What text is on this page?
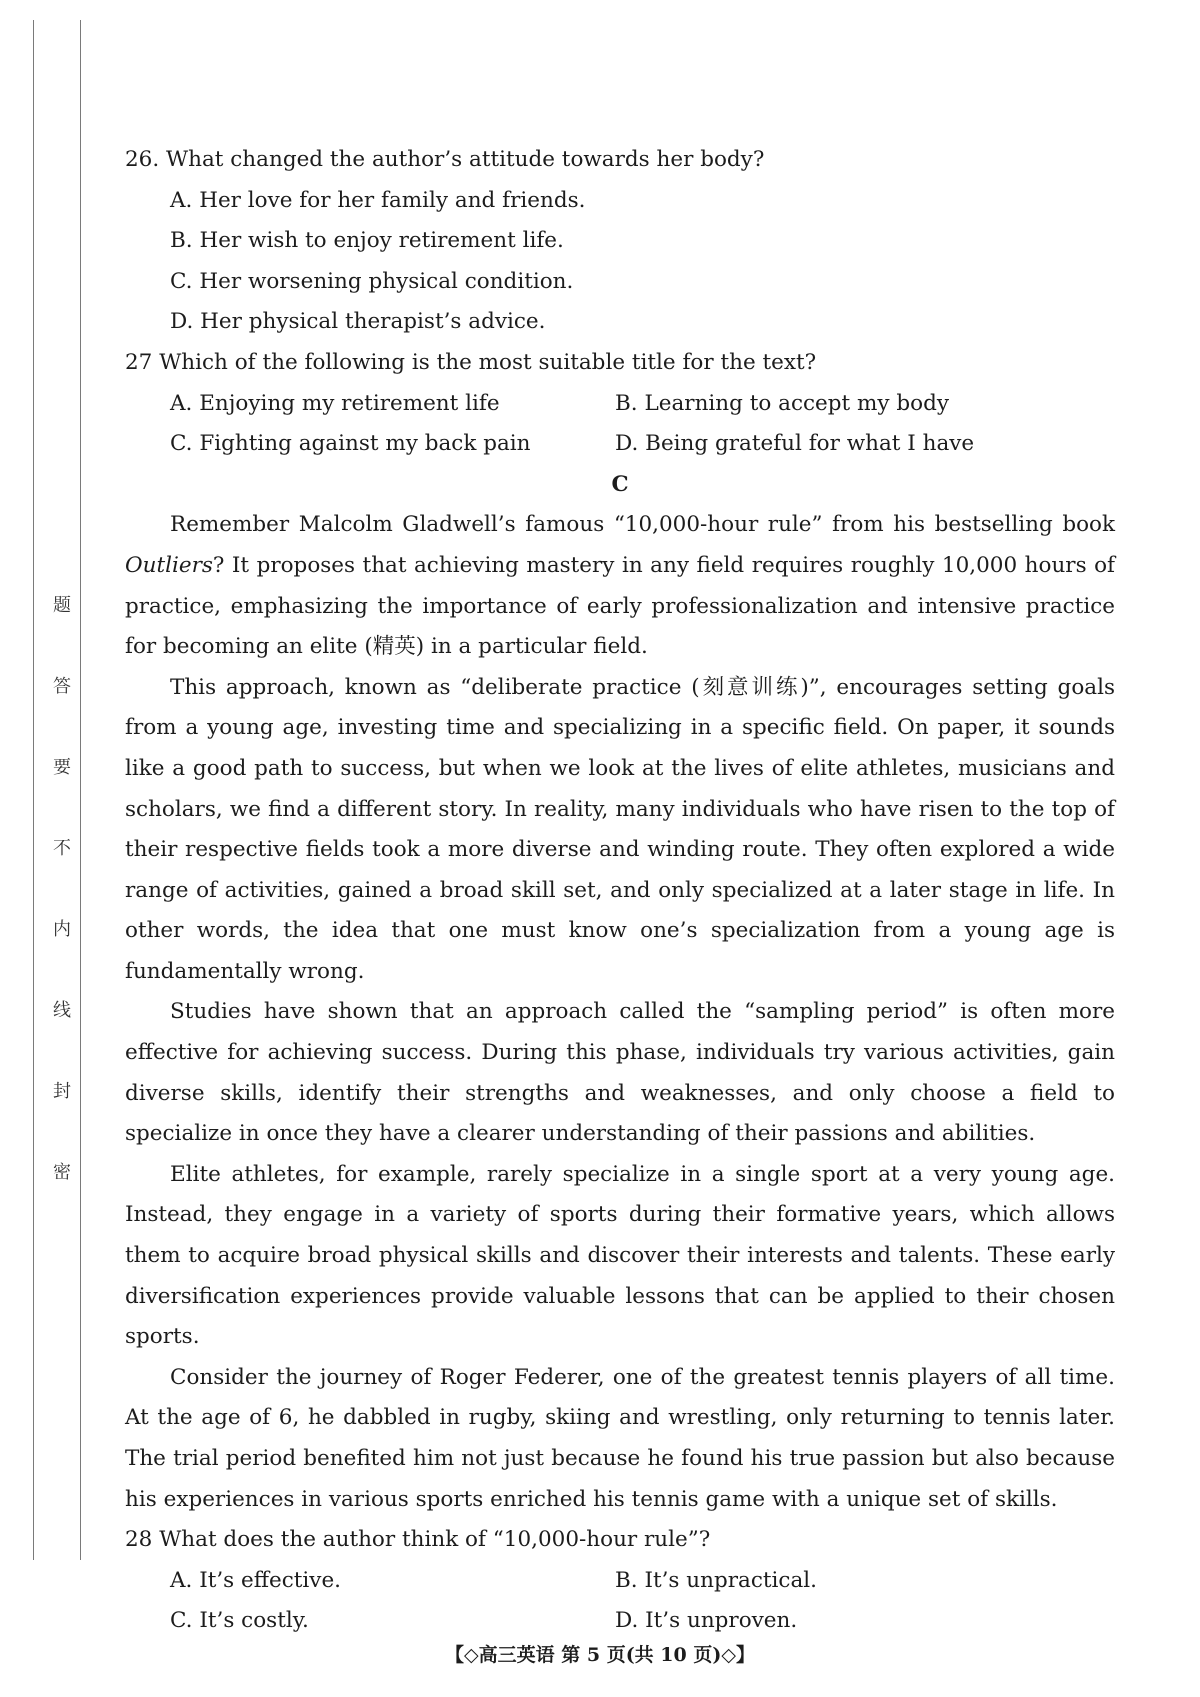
题
答
要
不
内
线
封
密

26. What changed the author’s attitude towards her body?

A. Her love for her family and friends.

B. Her wish to enjoy retirement life.

C. Her worsening physical condition.

D. Her physical therapist’s advice.

27 Which of the following is the most suitable title for the text?

A. Enjoying my retirement life	B. Learning to accept my body

C. Fighting against my back pain	D. Being grateful for what I have

C

Remember Malcolm Gladwell’s famous “10,000-hour rule” from his bestselling book Outliers? It proposes that achieving mastery in any field requires roughly 10,000 hours of practice, emphasizing the importance of early professionalization and intensive practice for becoming an elite (精英) in a particular field.

This approach, known as “deliberate practice (刻意训练)”, encourages setting goals from a young age, investing time and specializing in a specific field. On paper, it sounds like a good path to success, but when we look at the lives of elite athletes, musicians and scholars, we find a different story. In reality, many individuals who have risen to the top of their respective fields took a more diverse and winding route. They often explored a wide range of activities, gained a broad skill set, and only specialized at a later stage in life. In other words, the idea that one must know one’s specialization from a young age is fundamentally wrong.

Studies have shown that an approach called the “sampling period” is often more effective for achieving success. During this phase, individuals try various activities, gain diverse skills, identify their strengths and weaknesses, and only choose a field to specialize in once they have a clearer understanding of their passions and abilities.

Elite athletes, for example, rarely specialize in a single sport at a very young age. Instead, they engage in a variety of sports during their formative years, which allows them to acquire broad physical skills and discover their interests and talents. These early diversification experiences provide valuable lessons that can be applied to their chosen sports.

Consider the journey of Roger Federer, one of the greatest tennis players of all time. At the age of 6, he dabbled in rugby, skiing and wrestling, only returning to tennis later. The trial period benefited him not just because he found his true passion but also because his experiences in various sports enriched his tennis game with a unique set of skills.

28 What does the author think of “10,000-hour rule”?

A. It’s effective.	B. It’s unpractical.

C. It’s costly.	D. It’s unproven.

【◇高三英语 第 5 页(共 10 页)◇】
